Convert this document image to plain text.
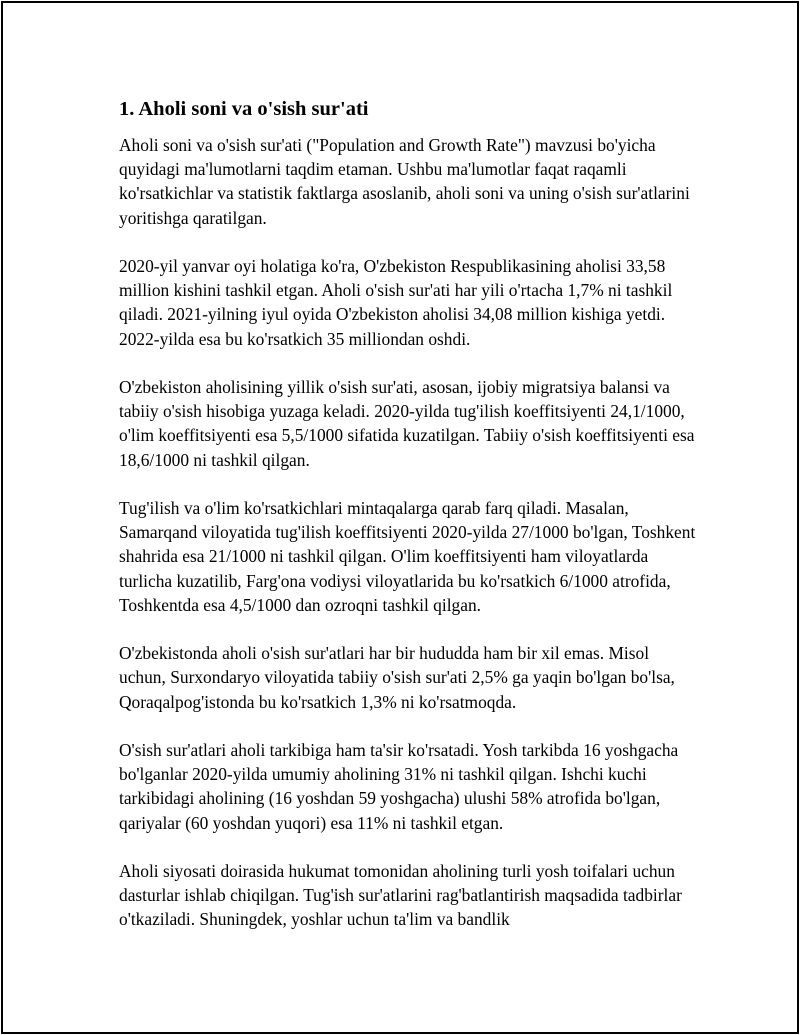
1. Aholi soni va o'sish sur'ati

Aholi soni va o'sish sur'ati ("Population and Growth Rate") mavzusi bo'yicha quyidagi ma'lumotlarni taqdim etaman. Ushbu ma'lumotlar faqat raqamli ko'rsatkichlar va statistik faktlarga asoslanib, aholi soni va uning o'sish sur'atlarini yoritishga qaratilgan.

2020-yil yanvar oyi holatiga ko'ra, O'zbekiston Respublikasining aholisi 33,58 million kishini tashkil etgan. Aholi o'sish sur'ati har yili o'rtacha 1,7% ni tashkil qiladi. 2021-yilning iyul oyida O'zbekiston aholisi 34,08 million kishiga yetdi. 2022-yilda esa bu ko'rsatkich 35 milliondan oshdi.

O'zbekiston aholisining yillik o'sish sur'ati, asosan, ijobiy migratsiya balansi va tabiiy o'sish hisobiga yuzaga keladi. 2020-yilda tug'ilish koeffitsiyenti 24,1/1000, o'lim koeffitsiyenti esa 5,5/1000 sifatida kuzatilgan. Tabiiy o'sish koeffitsiyenti esa 18,6/1000 ni tashkil qilgan.

Tug'ilish va o'lim ko'rsatkichlari mintaqalarga qarab farq qiladi. Masalan, Samarqand viloyatida tug'ilish koeffitsiyenti 2020-yilda 27/1000 bo'lgan, Toshkent shahrida esa 21/1000 ni tashkil qilgan. O'lim koeffitsiyenti ham viloyatlarda turlicha kuzatilib, Farg'ona vodiysi viloyatlarida bu ko'rsatkich 6/1000 atrofida, Toshkentda esa 4,5/1000 dan ozroqni tashkil qilgan.

O'zbekistonda aholi o'sish sur'atlari har bir hududda ham bir xil emas. Misol uchun, Surxondaryo viloyatida tabiiy o'sish sur'ati 2,5% ga yaqin bo'lgan bo'lsa, Qoraqalpog'istonda bu ko'rsatkich 1,3% ni ko'rsatmoqda.

O'sish sur'atlari aholi tarkibiga ham ta'sir ko'rsatadi. Yosh tarkibda 16 yoshgacha bo'lganlar 2020-yilda umumiy aholining 31% ni tashkil qilgan. Ishchi kuchi tarkibidagi aholining (16 yoshdan 59 yoshgacha) ulushi 58% atrofida bo'lgan, qariyalar (60 yoshdan yuqori) esa 11% ni tashkil etgan.

Aholi siyosati doirasida hukumat tomonidan aholining turli yosh toifalari uchun dasturlar ishlab chiqilgan. Tug'ish sur'atlarini rag'batlantirish maqsadida tadbirlar o'tkaziladi. Shuningdek, yoshlar uchun ta'lim va bandlik
